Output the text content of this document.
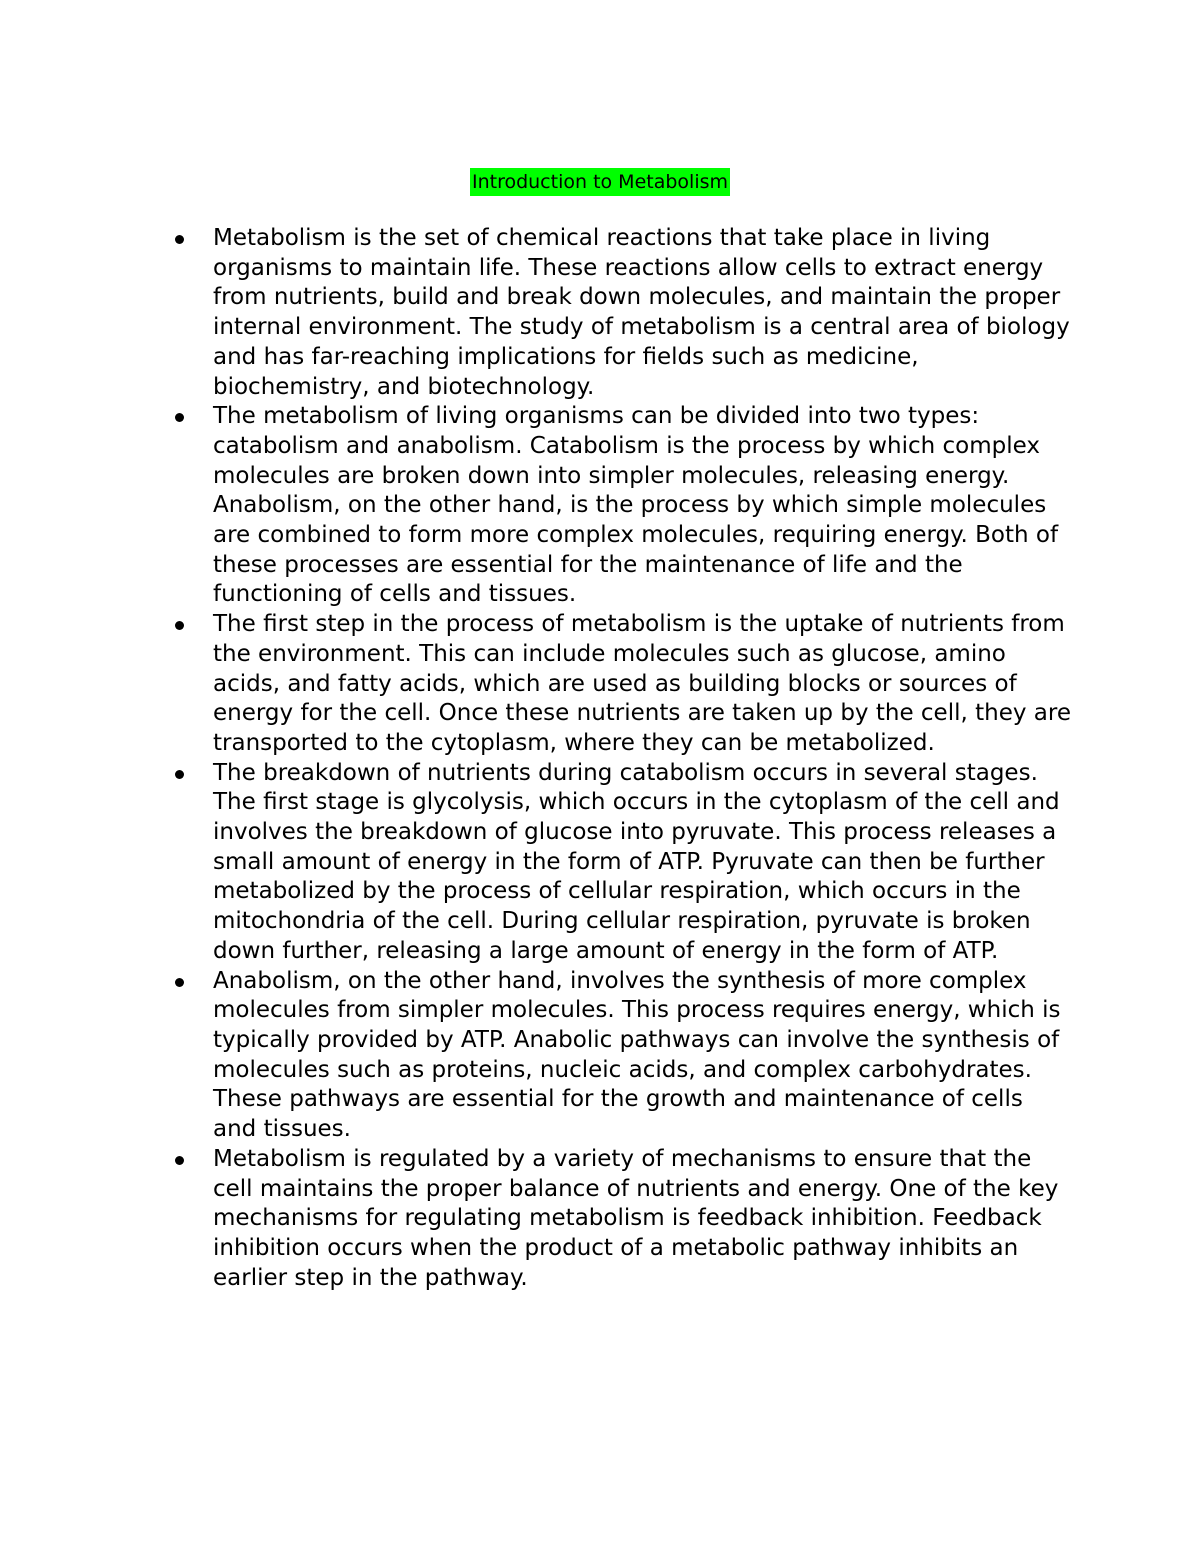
Introduction to Metabolism
Metabolism is the set of chemical reactions that take place in living organisms to maintain life. These reactions allow cells to extract energy from nutrients, build and break down molecules, and maintain the proper internal environment. The study of metabolism is a central area of biology and has far-reaching implications for fields such as medicine, biochemistry, and biotechnology.
The metabolism of living organisms can be divided into two types: catabolism and anabolism. Catabolism is the process by which complex molecules are broken down into simpler molecules, releasing energy. Anabolism, on the other hand, is the process by which simple molecules are combined to form more complex molecules, requiring energy. Both of these processes are essential for the maintenance of life and the functioning of cells and tissues.
The first step in the process of metabolism is the uptake of nutrients from the environment. This can include molecules such as glucose, amino acids, and fatty acids, which are used as building blocks or sources of energy for the cell. Once these nutrients are taken up by the cell, they are transported to the cytoplasm, where they can be metabolized.
The breakdown of nutrients during catabolism occurs in several stages. The first stage is glycolysis, which occurs in the cytoplasm of the cell and involves the breakdown of glucose into pyruvate. This process releases a small amount of energy in the form of ATP. Pyruvate can then be further metabolized by the process of cellular respiration, which occurs in the mitochondria of the cell. During cellular respiration, pyruvate is broken down further, releasing a large amount of energy in the form of ATP.
Anabolism, on the other hand, involves the synthesis of more complex molecules from simpler molecules. This process requires energy, which is typically provided by ATP. Anabolic pathways can involve the synthesis of molecules such as proteins, nucleic acids, and complex carbohydrates. These pathways are essential for the growth and maintenance of cells and tissues.
Metabolism is regulated by a variety of mechanisms to ensure that the cell maintains the proper balance of nutrients and energy. One of the key mechanisms for regulating metabolism is feedback inhibition. Feedback inhibition occurs when the product of a metabolic pathway inhibits an earlier step in the pathway.
